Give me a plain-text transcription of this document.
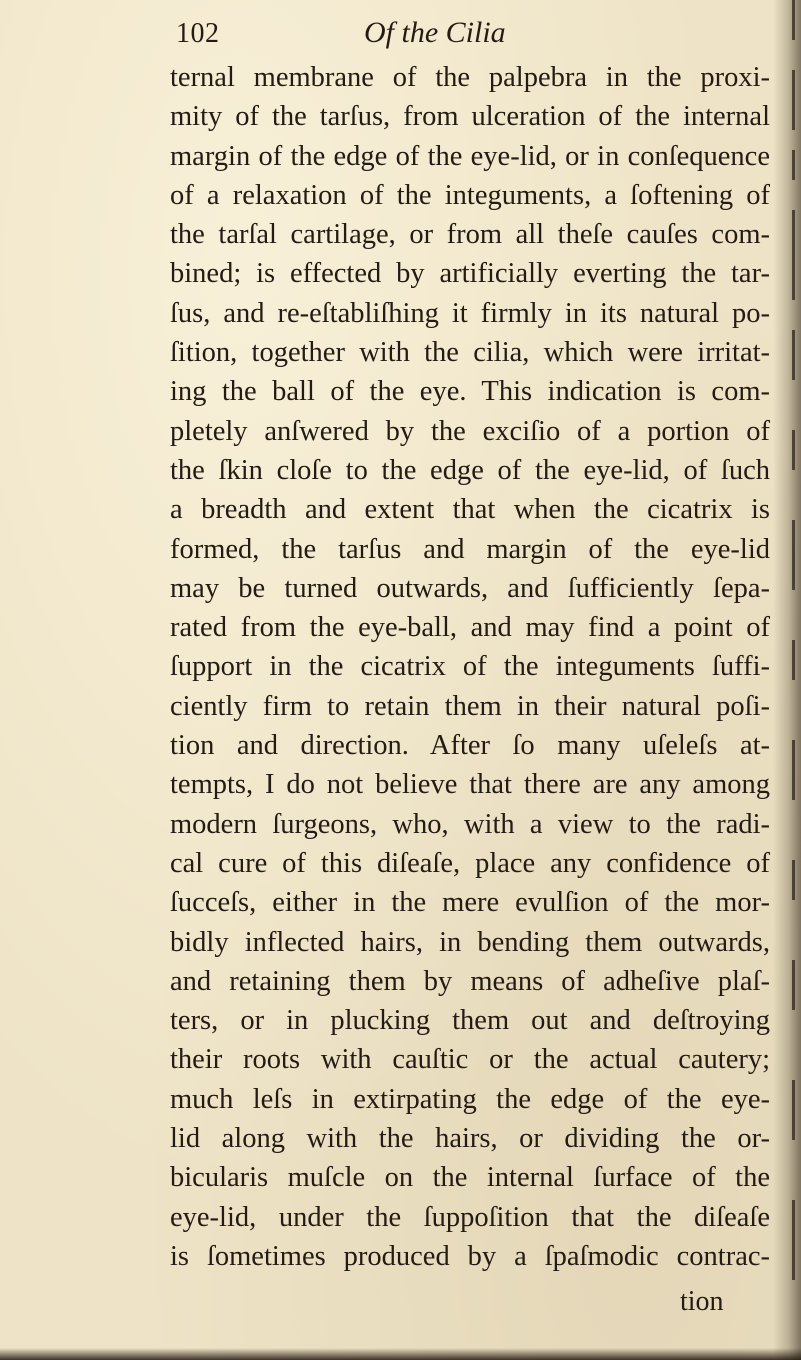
102	Of the Cilia
ternal membrane of the palpebra in the proxi-
mity of the tarſus, from ulceration of the internal
margin of the edge of the eye-lid, or in conſequence
of a relaxation of the integuments, a ſoftening of
the tarſal cartilage, or from all theſe cauſes com-
bined; is effected by artificially everting the tar-
ſus, and re-eſtabliſhing it firmly in its natural po-
ſition, together with the cilia, which were irritat-
ing the ball of the eye. This indication is com-
pletely anſwered by the exciſio of a portion of
the ſkin cloſe to the edge of the eye-lid, of ſuch
a breadth and extent that when the cicatrix is
formed, the tarſus and margin of the eye-lid
may be turned outwards, and ſufficiently ſepa-
rated from the eye-ball, and may find a point of
ſupport in the cicatrix of the integuments ſuffi-
ciently firm to retain them in their natural poſi-
tion and direction. After ſo many uſeleſs at-
tempts, I do not believe that there are any among
modern ſurgeons, who, with a view to the radi-
cal cure of this diſeaſe, place any confidence of
ſucceſs, either in the mere evulſion of the mor-
bidly inflected hairs, in bending them outwards,
and retaining them by means of adheſive plaſ-
ters, or in plucking them out and deſtroying
their roots with cauſtic or the actual cautery;
much leſs in extirpating the edge of the eye-
lid along with the hairs, or dividing the or-
bicularis muſcle on the internal ſurface of the
eye-lid, under the ſuppoſition that the diſeaſe
is ſometimes produced by a ſpaſmodic contrac-
tion
